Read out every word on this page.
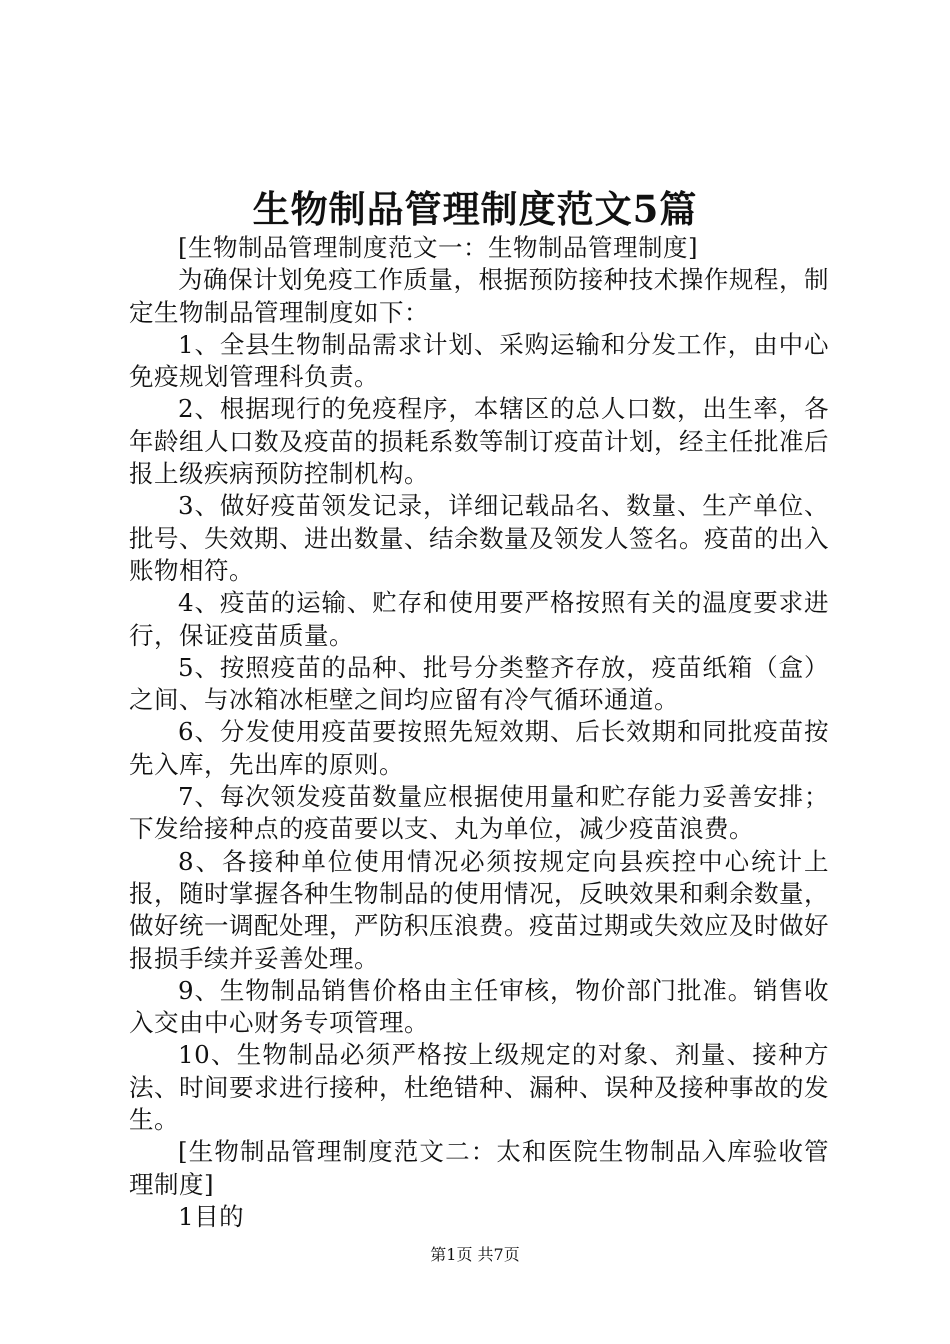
生物制品管理制度范文5篇

[生物制品管理制度范文一：生物制品管理制度]

为确保计划免疫工作质量，根据预防接种技术操作规程，制定生物制品管理制度如下：

1、全县生物制品需求计划、采购运输和分发工作，由中心免疫规划管理科负责。

2、根据现行的免疫程序，本辖区的总人口数，出生率，各年龄组人口数及疫苗的损耗系数等制订疫苗计划，经主任批准后报上级疾病预防控制机构。

3、做好疫苗领发记录，详细记载品名、数量、生产单位、批号、失效期、进出数量、结余数量及领发人签名。疫苗的出入账物相符。

4、疫苗的运输、贮存和使用要严格按照有关的温度要求进行，保证疫苗质量。

5、按照疫苗的品种、批号分类整齐存放，疫苗纸箱（盒）之间、与冰箱冰柜壁之间均应留有冷气循环通道。

6、分发使用疫苗要按照先短效期、后长效期和同批疫苗按先入库，先出库的原则。

7、每次领发疫苗数量应根据使用量和贮存能力妥善安排；下发给接种点的疫苗要以支、丸为单位，减少疫苗浪费。

8、各接种单位使用情况必须按规定向县疾控中心统计上报，随时掌握各种生物制品的使用情况，反映效果和剩余数量，做好统一调配处理，严防积压浪费。疫苗过期或失效应及时做好报损手续并妥善处理。

9、生物制品销售价格由主任审核，物价部门批准。销售收入交由中心财务专项管理。

10、生物制品必须严格按上级规定的对象、剂量、接种方法、时间要求进行接种，杜绝错种、漏种、误种及接种事故的发生。

[生物制品管理制度范文二：太和医院生物制品入库验收管理制度]

1目的

第1页 共7页
